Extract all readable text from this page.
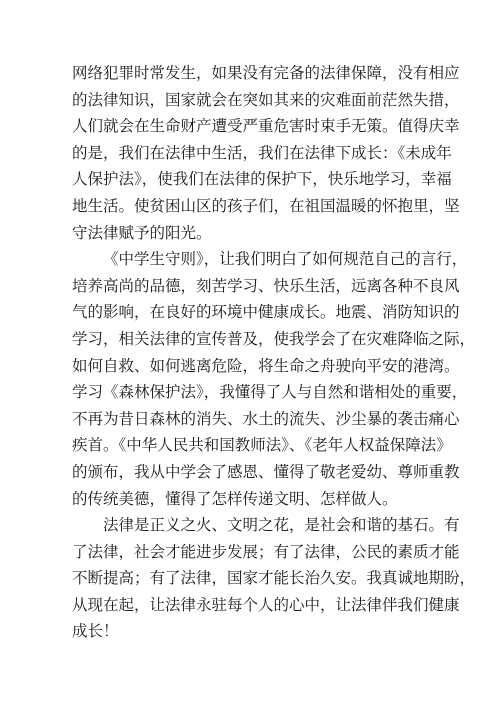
网络犯罪时常发生，如果没有完备的法律保障，没有相应
的法律知识，国家就会在突如其来的灾难面前茫然失措，
人们就会在生命财产遭受严重危害时束手无策。值得庆幸
的是，我们在法律中生活，我们在法律下成长：《未成年
人保护法》，使我们在法律的保护下，快乐地学习，幸福
地生活。使贫困山区的孩子们，在祖国温暖的怀抱里，坚
守法律赋予的阳光。
《中学生守则》，让我们明白了如何规范自己的言行，
培养高尚的品德，刻苦学习、快乐生活，远离各种不良风
气的影响，在良好的环境中健康成长。地震、消防知识的
学习，相关法律的宣传普及，使我学会了在灾难降临之际，
如何自救、如何逃离危险，将生命之舟驶向平安的港湾。
学习《森林保护法》，我懂得了人与自然和谐相处的重要，
不再为昔日森林的消失、水土的流失、沙尘暴的袭击痛心
疾首。《中华人民共和国教师法》、《老年人权益保障法》
的颁布，我从中学会了感恩、懂得了敬老爱幼、尊师重教
的传统美德，懂得了怎样传递文明、怎样做人。
法律是正义之火、文明之花，是社会和谐的基石。有
了法律，社会才能进步发展；有了法律，公民的素质才能
不断提高；有了法律，国家才能长治久安。我真诚地期盼，
从现在起，让法律永驻每个人的心中，让法律伴我们健康
成长！
